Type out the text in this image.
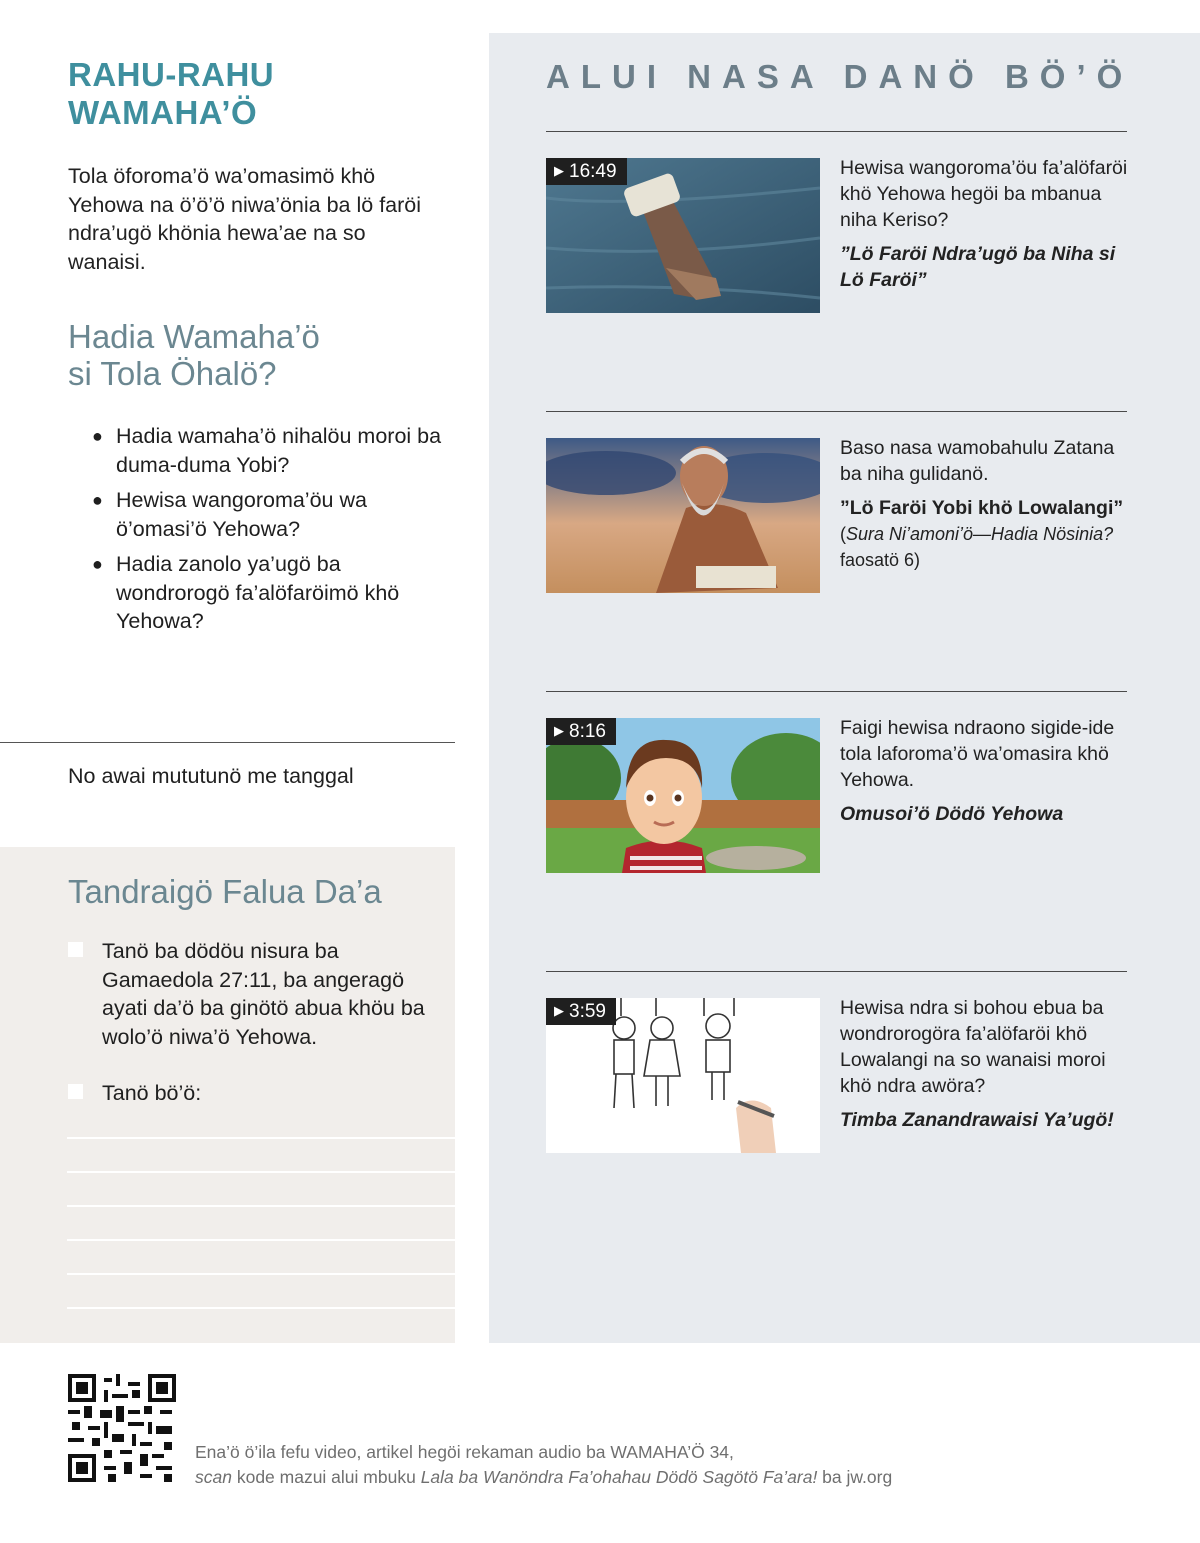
RAHU-RAHU
WAMAHA’Ö
Tola öforoma’ö wa’omasimö khö Yehowa na ö’ö’ö niwa’önia ba lö faröi ndra’ugö khönia hewa’ae na so wanaisi.
Hadia Wamaha’ö
si Tola Öhalö?
● Hadia wamaha’ö nihalöu moroi ba duma-duma Yobi?
● Hewisa wangoroma’öu wa ö’omasi’ö Yehowa?
● Hadia zanolo ya’ugö ba wondrorogö fa’alöfaröimö khö Yehowa?
No awai mututunö me tanggal
Tandraigö Falua Da’a
Tanö ba dödöu nisura ba Gamaedola 27:11, ba angeragö ayati da’ö ba ginötö abua khöu ba wolo’ö niwa’ö Yehowa.
Tanö bö’ö:
ALUI NASA DANÖ BÖ’Ö
▶ 16:49	Hewisa wangoroma’öu fa’alöfaröi khö Yehowa hegöi ba mbanua niha Keriso?
”Lö Faröi Ndra’ugö ba Niha si Lö Faröi”
Baso nasa wamobahulu Zatana ba niha gulidanö.
”Lö Faröi Yobi khö Lowalangi”
(Sura Ni’amoni’ö—Hadia Nösinia?
faosatö 6)
▶ 8:16	Faigi hewisa ndraono sigide-ide tola laforoma’ö wa’omasira khö Yehowa.
Omusoi’ö Dödö Yehowa
▶ 3:59	Hewisa ndra si bohou ebua ba wondrorogöra fa’alöfaröi khö Lowalangi na so wanaisi moroi khö ndra awöra?
Timba Zanandrawaisi Ya’ugö!
Ena’ö ö’ila fefu video, artikel hegöi rekaman audio ba WAMAHA’Ö 34,
scan kode mazui alui mbuku Lala ba Wanöndra Fa’ohahau Dödö Sagötö Fa’ara! ba jw.org
